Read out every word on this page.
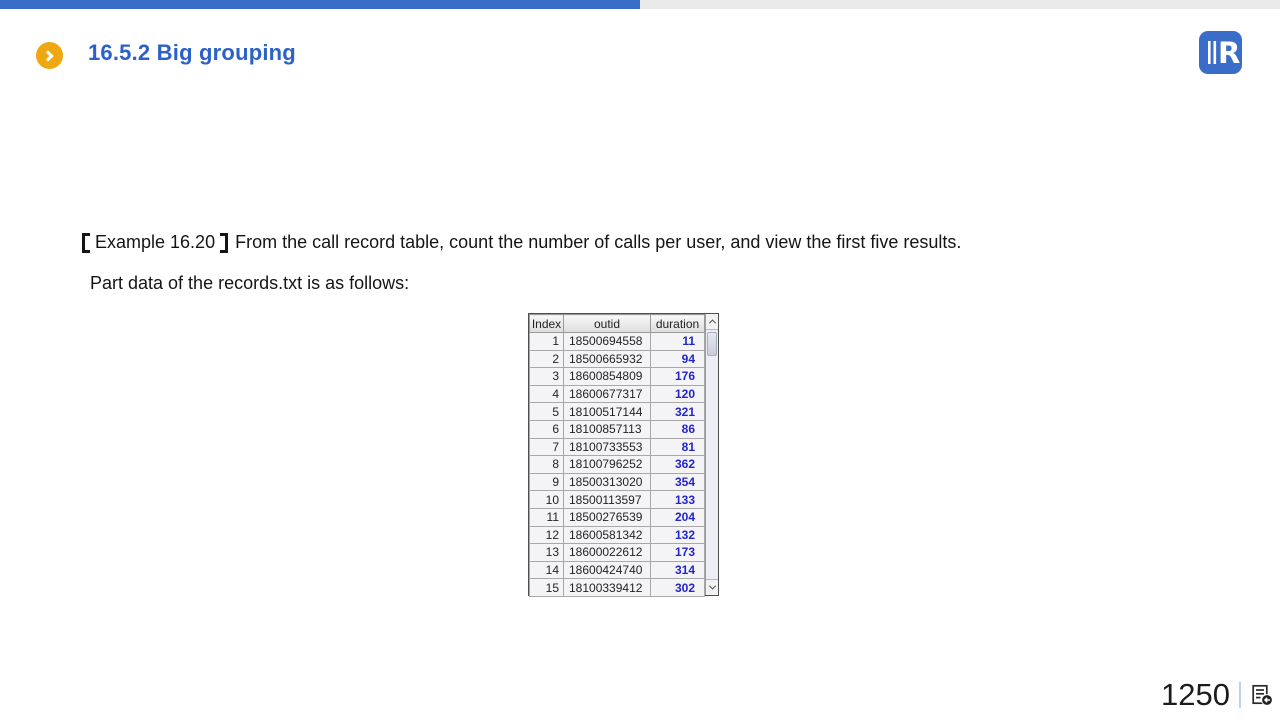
16.5.2 Big grouping	R
Example 16.20 From the call record table, count the number of calls per user, and view the first five results.
Part data of the records.txt is as follows:
Index	outid	duration
1	18500694558	11
2	18500665932	94
3	18600854809	176
4	18600677317	120
5	18100517144	321
6	18100857113	86
7	18100733553	81
8	18100796252	362
9	18500313020	354
10	18500113597	133
11	18500276539	204
12	18600581342	132
13	18600022612	173
14	18600424740	314
15	18100339412	302
1250
